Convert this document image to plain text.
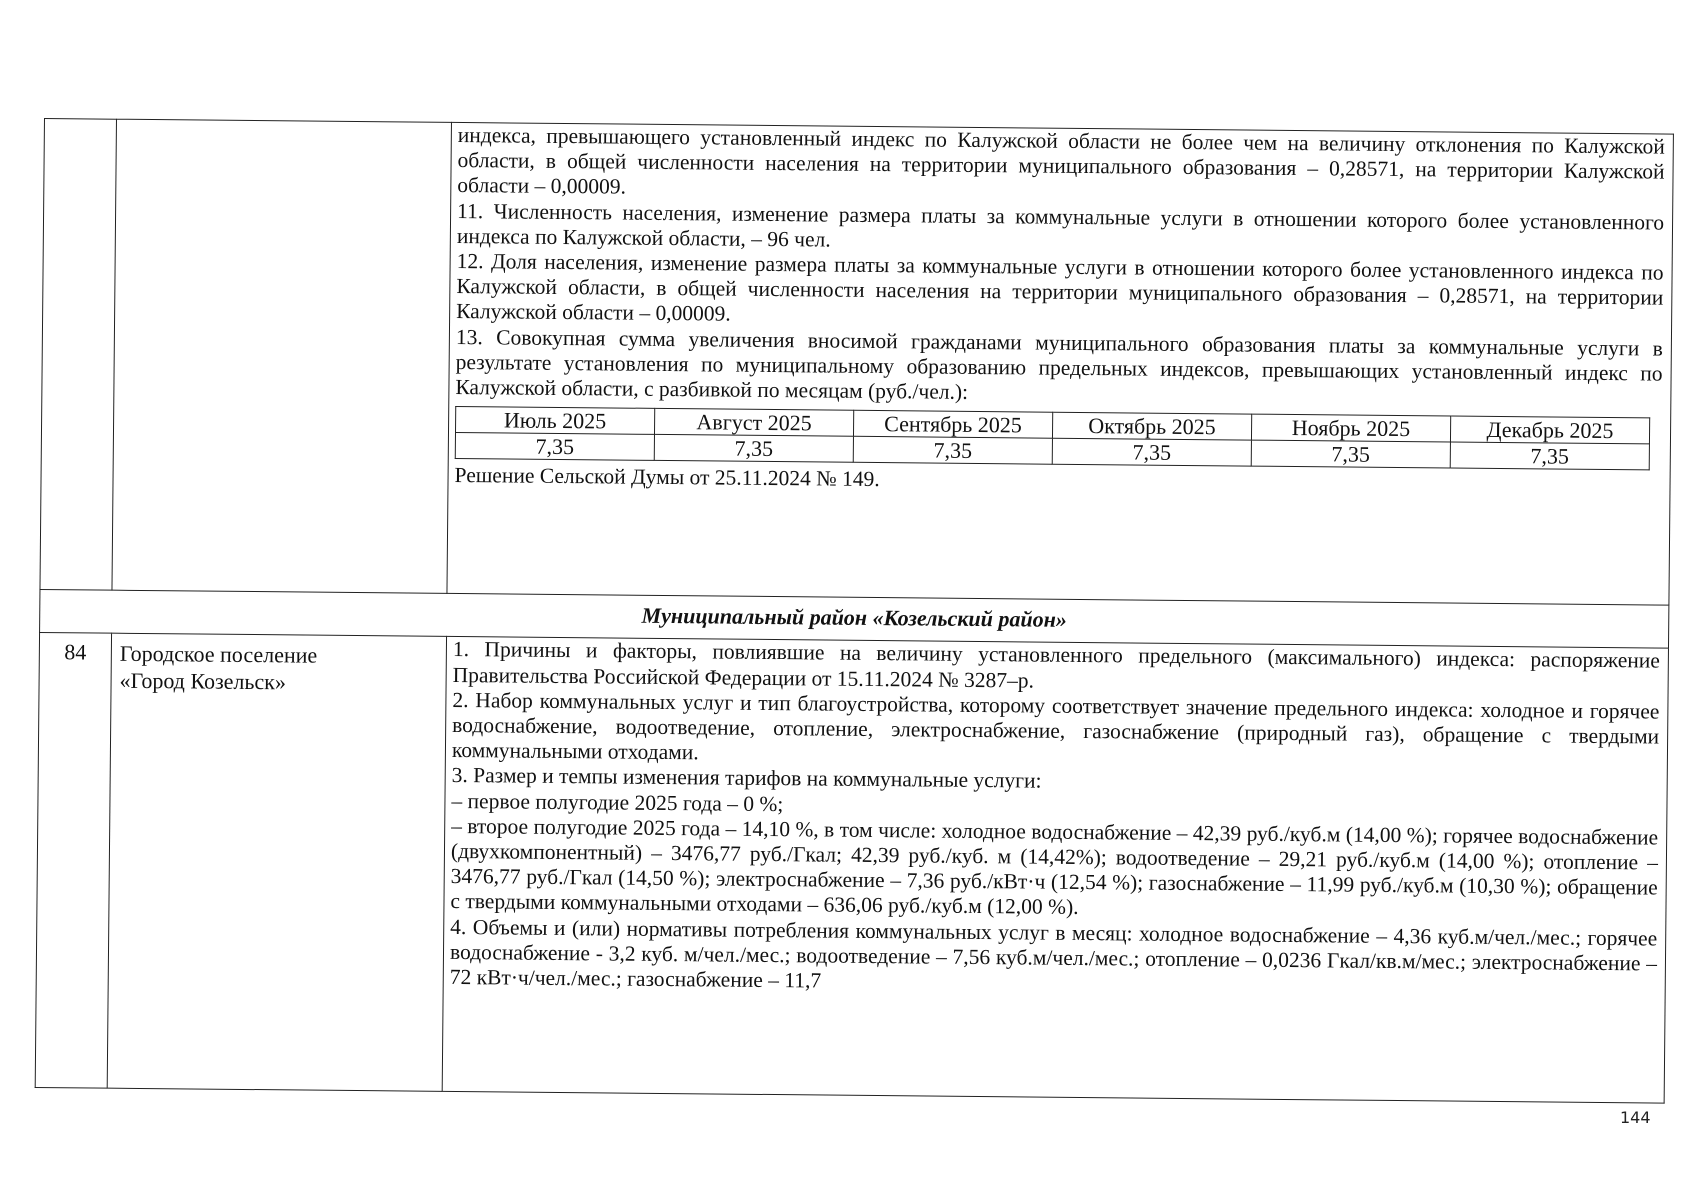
индекса, превышающего установленный индекс по Калужской области не более чем на величину отклонения по Калужской области, в общей численности населения на территории муниципального образования – 0,28571, на территории Калужской области – 0,00009.

11. Численность населения, изменение размера платы за коммунальные услуги в отношении которого более установленного индекса по Калужской области, – 96 чел.

12. Доля населения, изменение размера платы за коммунальные услуги в отношении которого более установленного индекса по Калужской области, в общей численности населения на территории муниципального образования – 0,28571, на территории Калужской области – 0,00009.

13. Совокупная сумма увеличения вносимой гражданами муниципального образования платы за коммунальные услуги в результате установления по муниципальному образованию предельных индексов, превышающих установленный индекс по Калужской области, с разбивкой по месяцам (руб./чел.):

Июль 2025	Август 2025	Сентябрь 2025	Октябрь 2025	Ноябрь 2025	Декабрь 2025
7,35	7,35	7,35	7,35	7,35	7,35

Решение Сельской Думы от 25.11.2024 № 149.

Муниципальный район «Козельский район»
84	Городское поселение
«Город Козельск»

1. Причины и факторы, повлиявшие на величину установленного предельного (максимального) индекса: распоряжение Правительства Российской Федерации от 15.11.2024 № 3287–р.

2. Набор коммунальных услуг и тип благоустройства, которому соответствует значение предельного индекса: холодное и горячее водоснабжение, водоотведение, отопление, электроснабжение, газоснабжение (природный газ), обращение с твердыми коммунальными отходами.

3. Размер и темпы изменения тарифов на коммунальные услуги:

– первое полугодие 2025 года – 0 %;

– второе полугодие 2025 года – 14,10 %, в том числе: холодное водоснабжение – 42,39 руб./куб.м (14,00 %); горячее водоснабжение (двухкомпонентный) – 3476,77 руб./Гкал; 42,39 руб./куб. м (14,42%); водоотведение – 29,21 руб./куб.м (14,00 %); отопление – 3476,77 руб./Гкал (14,50 %); электроснабжение – 7,36 руб./кВт·ч (12,54 %); газоснабжение – 11,99 руб./куб.м (10,30 %); обращение с твердыми коммунальными отходами – 636,06 руб./куб.м (12,00 %).

4. Объемы и (или) нормативы потребления коммунальных услуг в месяц: холодное водоснабжение – 4,36 куб.м/чел./мес.; горячее водоснабжение - 3,2 куб. м/чел./мес.; водоотведение – 7,56 куб.м/чел./мес.; отопление – 0,0236 Гкал/кв.м/мес.; электроснабжение – 72 кВт·ч/чел./мес.; газоснабжение – 11,7

144
